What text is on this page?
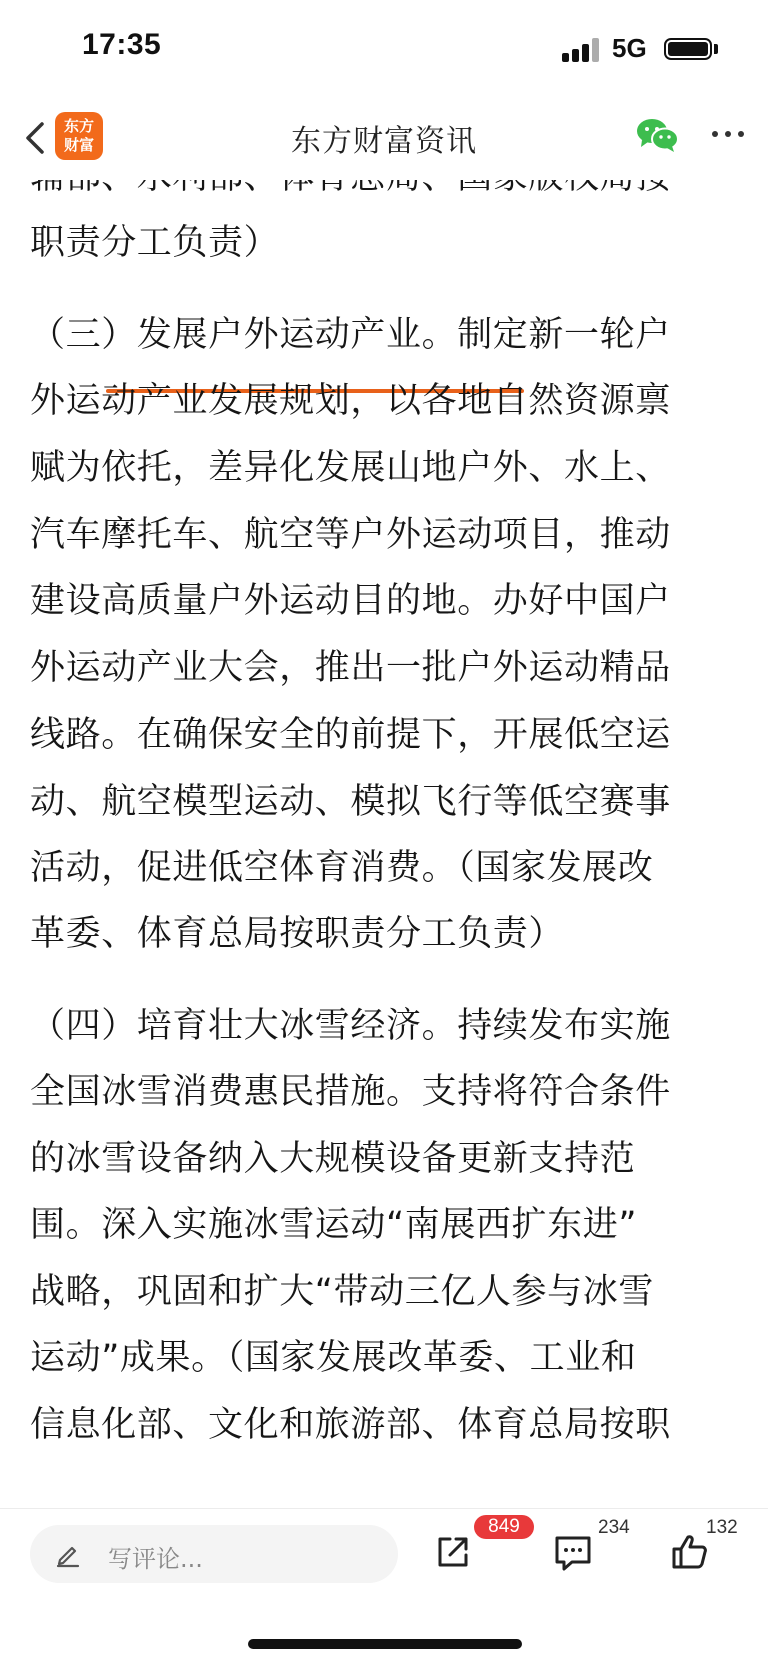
17:35	5G
职责分工负责）
（三）发展户外运动产业。制定新一轮户
外运动产业发展规划，以各地自然资源禀
赋为依托，差异化发展山地户外、水上、
汽车摩托车、航空等户外运动项目，推动
建设高质量户外运动目的地。办好中国户
外运动产业大会，推出一批户外运动精品
线路。在确保安全的前提下，开展低空运
动、航空模型运动、模拟飞行等低空赛事
活动，促进低空体育消费。（国家发展改
革委、体育总局按职责分工负责）
（四）培育壮大冰雪经济。持续发布实施
全国冰雪消费惠民措施。支持将符合条件
的冰雪设备纳入大规模设备更新支持范
围。深入实施冰雪运动“南展西扩东进”
战略，巩固和扩大“带动三亿人参与冰雪
运动”成果。（国家发展改革委、工业和
信息化部、文化和旅游部、体育总局按职
东方
财富	东方财富资讯
写评论...
849	234	132
